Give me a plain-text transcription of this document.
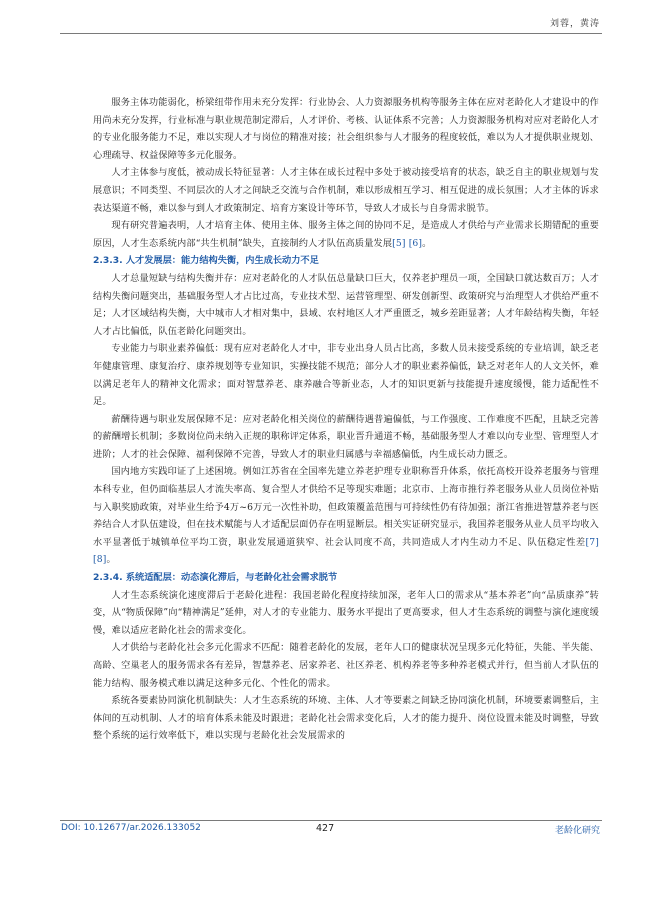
刘蓉，黄涛

服务主体功能弱化，桥梁纽带作用未充分发挥：行业协会、人力资源服务机构等服务主体在应对老龄化人才建设中的作用尚未充分发挥，行业标准与职业规范制定滞后，人才评价、考核、认证体系不完善；人力资源服务机构对应对老龄化人才的专业化服务能力不足，难以实现人才与岗位的精准对接；社会组织参与人才服务的程度较低，难以为人才提供职业规划、心理疏导、权益保障等多元化服务。

人才主体参与度低，被动成长特征显著：人才主体在成长过程中多处于被动接受培育的状态，缺乏自主的职业规划与发展意识；不同类型、不同层次的人才之间缺乏交流与合作机制，难以形成相互学习、相互促进的成长氛围；人才主体的诉求表达渠道不畅，难以参与到人才政策制定、培育方案设计等环节，导致人才成长与自身需求脱节。

现有研究普遍表明，人才培育主体、使用主体、服务主体之间的协同不足，是造成人才供给与产业需求长期错配的重要原因，人才生态系统内部“共生机制”缺失，直接制约人才队伍高质量发展[5] [6]。

2.3.3. 人才发展层：能力结构失衡，内生成长动力不足

人才总量短缺与结构失衡并存：应对老龄化的人才队伍总量缺口巨大，仅养老护理员一项，全国缺口就达数百万；人才结构失衡问题突出，基础服务型人才占比过高，专业技术型、运营管理型、研发创新型、政策研究与治理型人才供给严重不足；人才区域结构失衡，大中城市人才相对集中，县域、农村地区人才严重匮乏，城乡差距显著；人才年龄结构失衡，年轻人才占比偏低，队伍老龄化问题突出。

专业能力与职业素养偏低：现有应对老龄化人才中，非专业出身人员占比高，多数人员未接受系统的专业培训，缺乏老年健康管理、康复治疗、康养规划等专业知识，实操技能不规范；部分人才的职业素养偏低，缺乏对老年人的人文关怀，难以满足老年人的精神文化需求；面对智慧养老、康养融合等新业态，人才的知识更新与技能提升速度缓慢，能力适配性不足。

薪酬待遇与职业发展保障不足：应对老龄化相关岗位的薪酬待遇普遍偏低，与工作强度、工作难度不匹配，且缺乏完善的薪酬增长机制；多数岗位尚未纳入正规的职称评定体系，职业晋升通道不畅，基础服务型人才难以向专业型、管理型人才进阶；人才的社会保障、福利保障不完善，导致人才的职业归属感与幸福感偏低，内生成长动力匮乏。

国内地方实践印证了上述困境。例如江苏省在全国率先建立养老护理专业职称晋升体系，依托高校开设养老服务与管理本科专业，但仍面临基层人才流失率高、复合型人才供给不足等现实难题；北京市、上海市推行养老服务从业人员岗位补贴与入职奖励政策，对毕业生给予4万~6万元一次性补助，但政策覆盖范围与可持续性仍有待加强；浙江省推进智慧养老与医养结合人才队伍建设，但在技术赋能与人才适配层面仍存在明显断层。相关实证研究显示，我国养老服务从业人员平均收入水平显著低于城镇单位平均工资，职业发展通道狭窄、社会认同度不高，共同造成人才内生动力不足、队伍稳定性差[7] [8]。

2.3.4. 系统适配层：动态演化滞后，与老龄化社会需求脱节

人才生态系统演化速度滞后于老龄化进程：我国老龄化程度持续加深，老年人口的需求从“基本养老”向“品质康养”转变，从“物质保障”向“精神满足”延伸，对人才的专业能力、服务水平提出了更高要求，但人才生态系统的调整与演化速度缓慢，难以适应老龄化社会的需求变化。

人才供给与老龄化社会多元化需求不匹配：随着老龄化的发展，老年人口的健康状况呈现多元化特征，失能、半失能、高龄、空巢老人的服务需求各有差异，智慧养老、居家养老、社区养老、机构养老等多种养老模式并行，但当前人才队伍的能力结构、服务模式难以满足这种多元化、个性化的需求。

系统各要素协同演化机制缺失：人才生态系统的环境、主体、人才等要素之间缺乏协同演化机制，环境要素调整后，主体间的互动机制、人才的培育体系未能及时跟进；老龄化社会需求变化后，人才的能力提升、岗位设置未能及时调整，导致整个系统的运行效率低下，难以实现与老龄化社会发展需求的

DOI: 10.12677/ar.2026.133052	427	老龄化研究
